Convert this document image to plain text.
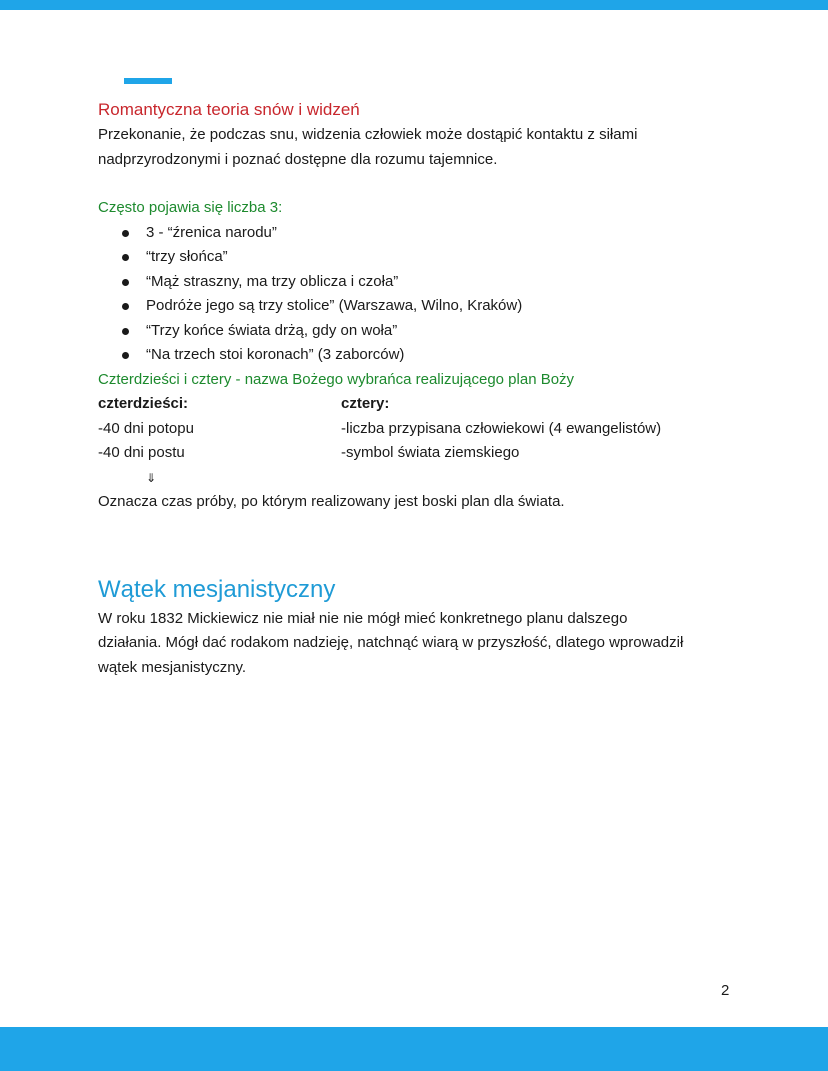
Romantyczna teoria snów i widzeń

Przekonanie, że podczas snu, widzenia człowiek może dostąpić kontaktu z siłami

nadprzyrodzonymi i poznać dostępne dla rozumu tajemnice.

Często pojawia się liczba 3:

3 - “źrenica narodu”
“trzy słońca”
“Mąż straszny, ma trzy oblicza i czoła”
Podróże jego są trzy stolice” (Warszawa, Wilno, Kraków)
“Trzy końce świata drżą, gdy on woła”
“Na trzech stoi koronach” (3 zaborców)

Czterdzieści i cztery - nazwa Bożego wybrańca realizującego plan Boży

czterdzieści:	cztery:
-40 dni potopu	-liczba przypisana człowiekowi (4 ewangelistów)
-40 dni postu	-symbol świata ziemskiego
⇓

Oznacza czas próby, po którym realizowany jest boski plan dla świata.

Wątek mesjanistyczny

W roku 1832 Mickiewicz nie miał nie nie mógł mieć konkretnego planu dalszego

działania. Mógł dać rodakom nadzieję, natchnąć wiarą w przyszłość, dlatego wprowadził

wątek mesjanistyczny.

2
